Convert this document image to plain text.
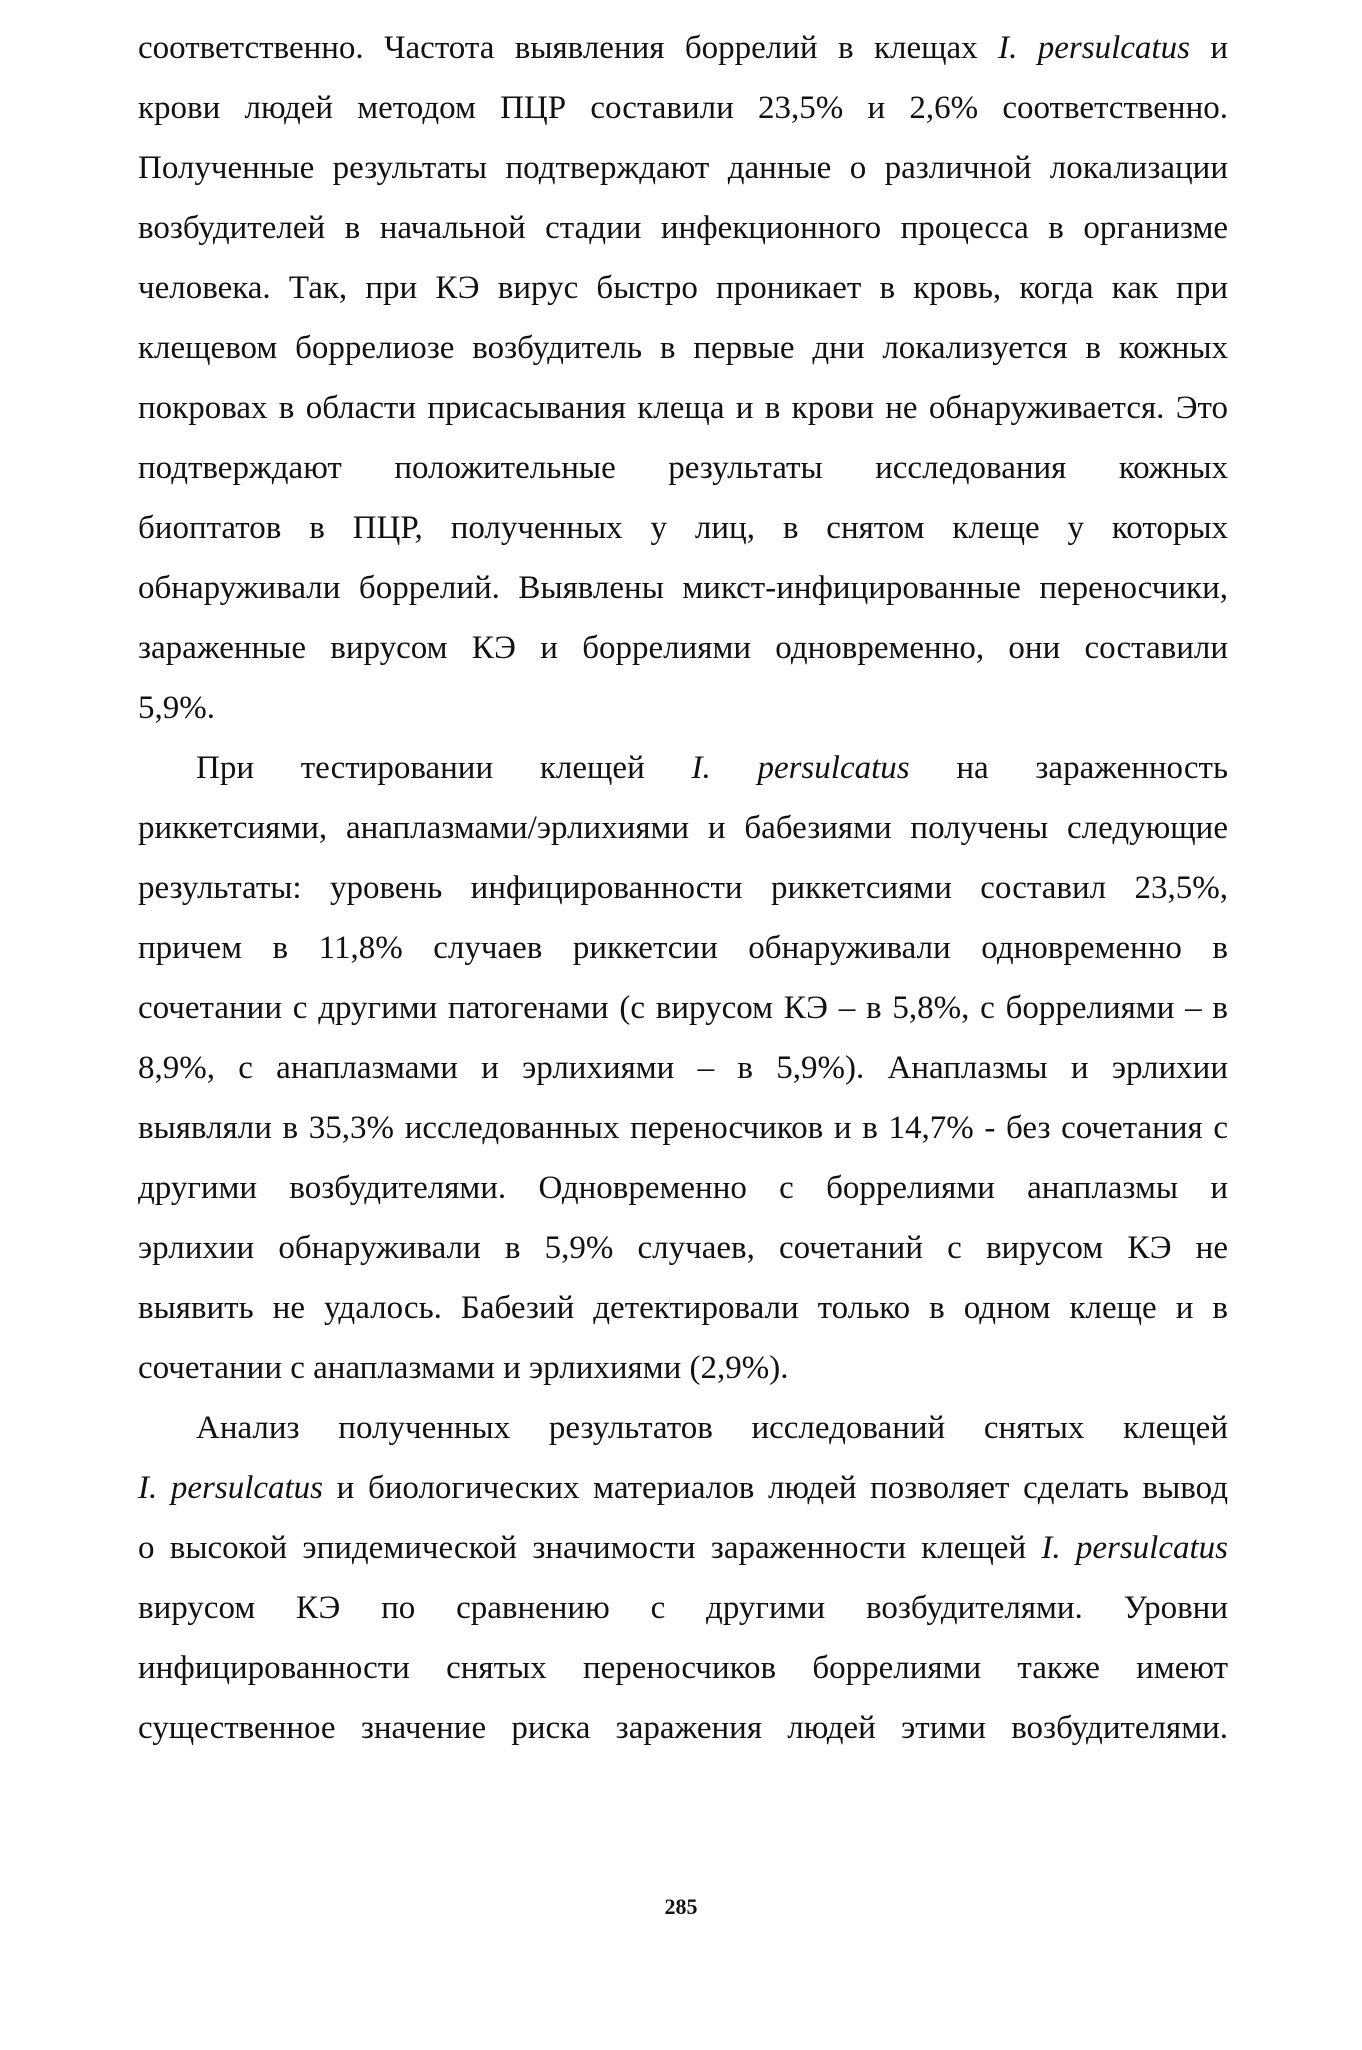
соответственно. Частота выявления боррелий в клещах I. persulcatus и
крови людей методом ПЦР составили 23,5% и 2,6% соответственно.
Полученные результаты подтверждают данные о различной локализации
возбудителей в начальной стадии инфекционного процесса в организме
человека. Так, при КЭ вирус быстро проникает в кровь, когда как при
клещевом боррелиозе возбудитель в первые дни локализуется в кожных
покровах в области присасывания клеща и в крови не обнаруживается. Это
подтверждают положительные результаты исследования кожных
биоптатов в ПЦР, полученных у лиц, в снятом клеще у которых
обнаруживали боррелий. Выявлены микст-инфицированные переносчики,
зараженные вирусом КЭ и боррелиями одновременно, они составили
5,9%.
При тестировании клещей I. persulcatus на зараженность
риккетсиями, анаплазмами/эрлихиями и бабезиями получены следующие
результаты: уровень инфицированности риккетсиями составил 23,5%,
причем в 11,8% случаев риккетсии обнаруживали одновременно в
сочетании с другими патогенами (с вирусом КЭ – в 5,8%, с боррелиями – в
8,9%, с анаплазмами и эрлихиями – в 5,9%). Анаплазмы и эрлихии
выявляли в 35,3% исследованных переносчиков и в 14,7% - без сочетания с
другими возбудителями. Одновременно с боррелиями анаплазмы и
эрлихии обнаруживали в 5,9% случаев, сочетаний с вирусом КЭ не
выявить не удалось. Бабезий детектировали только в одном клеще и в
сочетании с анаплазмами и эрлихиями (2,9%).
Анализ полученных результатов исследований снятых клещей
I. persulcatus и биологических материалов людей позволяет сделать вывод
о высокой эпидемической значимости зараженности клещей I. persulcatus
вирусом КЭ по сравнению с другими возбудителями. Уровни
инфицированности снятых переносчиков боррелиями также имеют
существенное значение риска заражения людей этими возбудителями.
285
